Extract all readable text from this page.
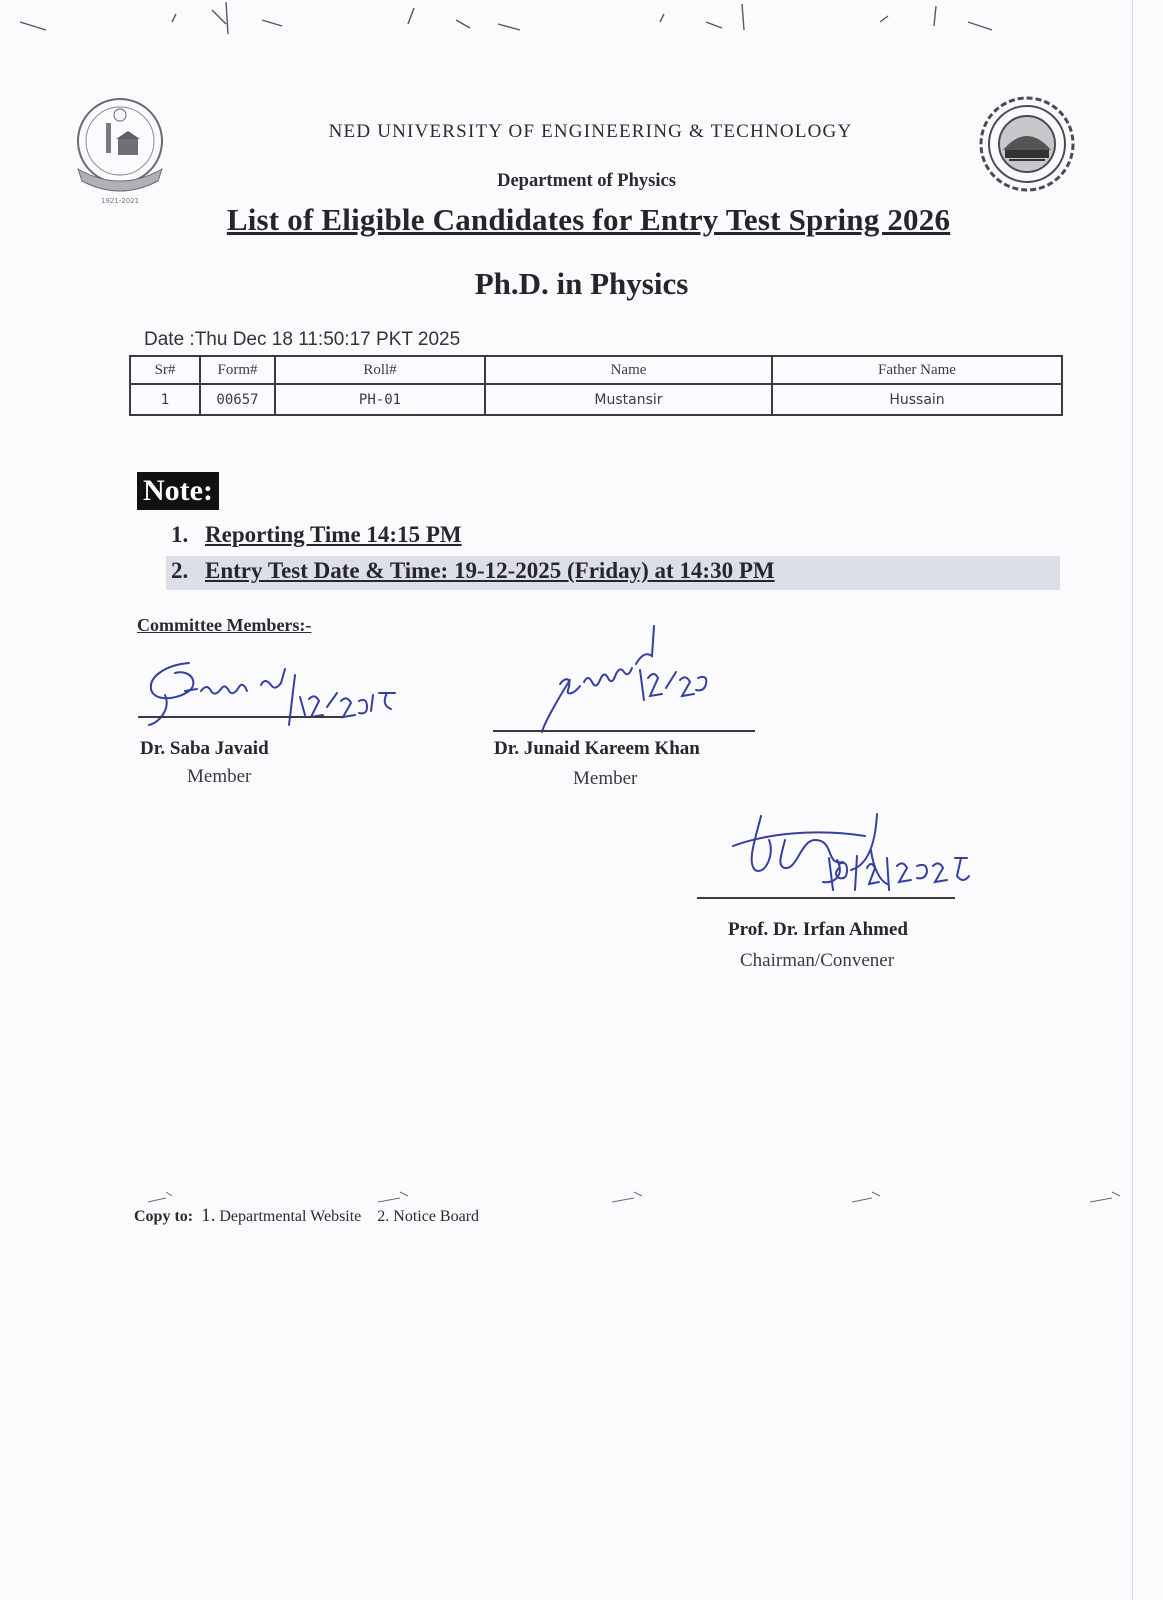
1921-2021
NED UNIVERSITY OF ENGINEERING & TECHNOLOGY
Department of Physics
List of Eligible Candidates for Entry Test Spring 2026
Ph.D. in Physics
Date :Thu Dec 18 11:50:17 PKT 2025
Sr#	Form#	Roll#	Name	Father Name
1	00657	PH-01	Mustansir	Hussain
Note:
1. Reporting Time 14:15 PM
2. Entry Test Date & Time: 19-12-2025 (Friday) at 14:30 PM
Committee Members:-
Dr. Saba Javaid
Member
Dr. Junaid Kareem Khan
Member
Prof. Dr. Irfan Ahmed
Chairman/Convener
Copy to: 1. Departmental Website 2. Notice Board
